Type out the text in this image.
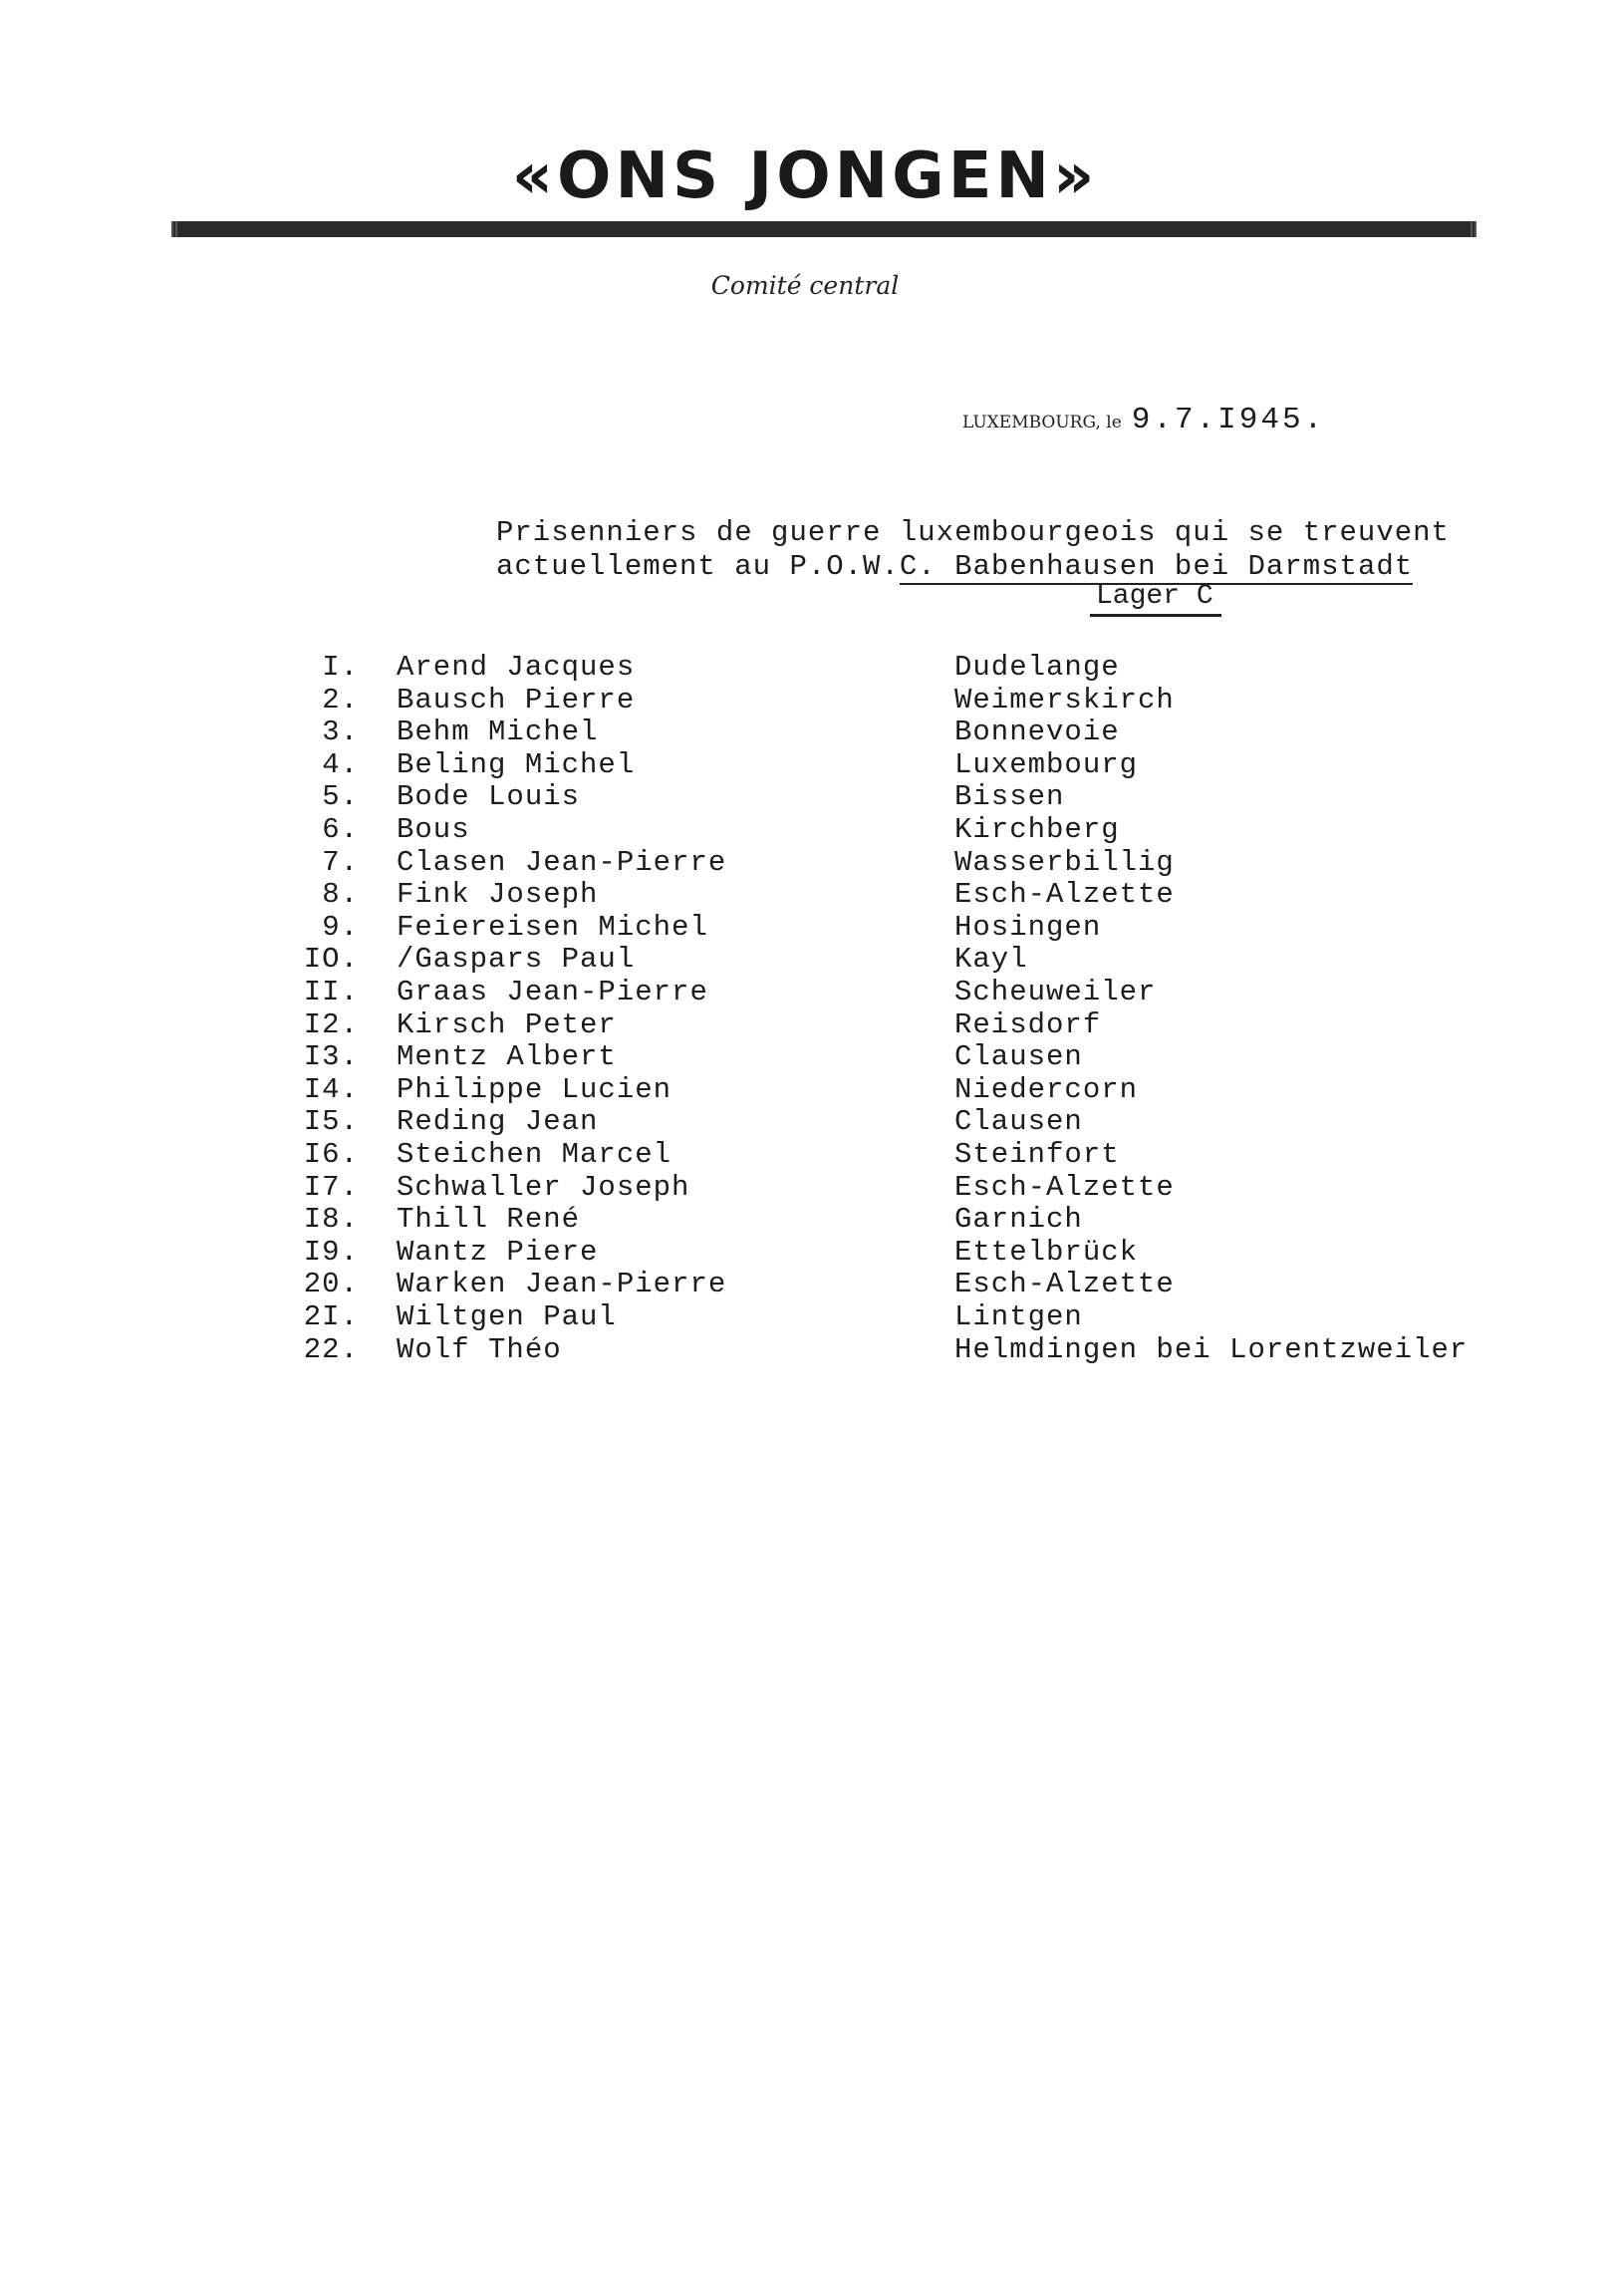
«ONS JONGEN»
Comité central
LUXEMBOURG, le 9.7.I945.
Prisenniers de guerre luxembourgeois qui se treuvent
actuellement au P.O.W.C. Babenhausen bei Darmstadt
Lager C
I. Arend Jacques	Dudelange
2. Bausch Pierre	Weimerskirch
3. Behm Michel	Bonnevoie
4. Beling Michel	Luxembourg
5. Bode Louis	Bissen
6. Bous	Kirchberg
7. Clasen Jean-Pierre	Wasserbillig
8. Fink Joseph	Esch-Alzette
9. Feiereisen Michel	Hosingen
IO. /Gaspars Paul	Kayl
II. Graas Jean-Pierre	Scheuweiler
I2. Kirsch Peter	Reisdorf
I3. Mentz Albert	Clausen
I4. Philippe Lucien	Niedercorn
I5. Reding Jean	Clausen
I6. Steichen Marcel	Steinfort
I7. Schwaller Joseph	Esch-Alzette
I8. Thill René	Garnich
I9. Wantz Piere	Ettelbrück
20. Warken Jean-Pierre	Esch-Alzette
2I. Wiltgen Paul	Lintgen
22. Wolf Théo	Helmdingen bei Lorentzweiler
